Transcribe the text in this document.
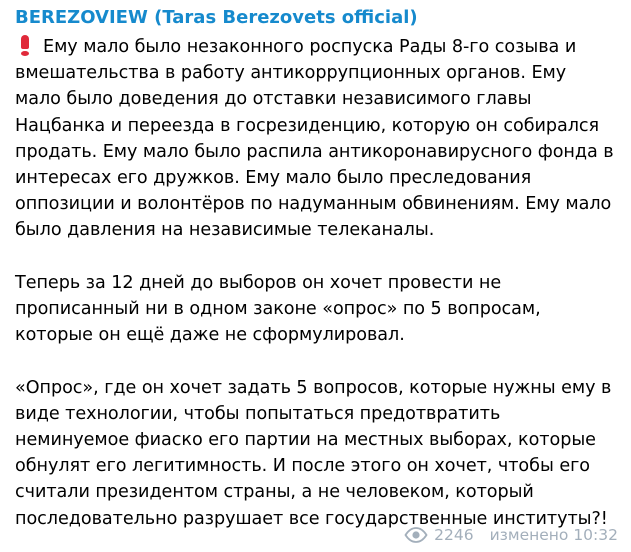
BEREZOVIEW (Taras Berezovets official)
Ему мало было незаконного роспуска Рады 8-го созыва и вмешательства в работу антикоррупционных органов. Ему мало было доведения до отставки независимого главы Нацбанка и переезда в госрезиденцию, которую он собирался продать. Ему мало было распила антикоронавирусного фонда в интересах его дружков. Ему мало было преследования оппозиции и волонтёров по надуманным обвинениям. Ему мало было давления на независимые телеканалы.
Теперь за 12 дней до выборов он хочет провести не прописанный ни в одном законе «опрос» по 5 вопросам, которые он ещё даже не сформулировал.
«Опрос», где он хочет задать 5 вопросов, которые нужны ему в виде технологии, чтобы попытаться предотвратить неминуемое фиаско его партии на местных выборах, которые обнулят его легитимность. И после этого он хочет, чтобы его считали президентом страны, а не человеком, который последовательно разрушает все государственные институты?!
2246 изменено 10:32
